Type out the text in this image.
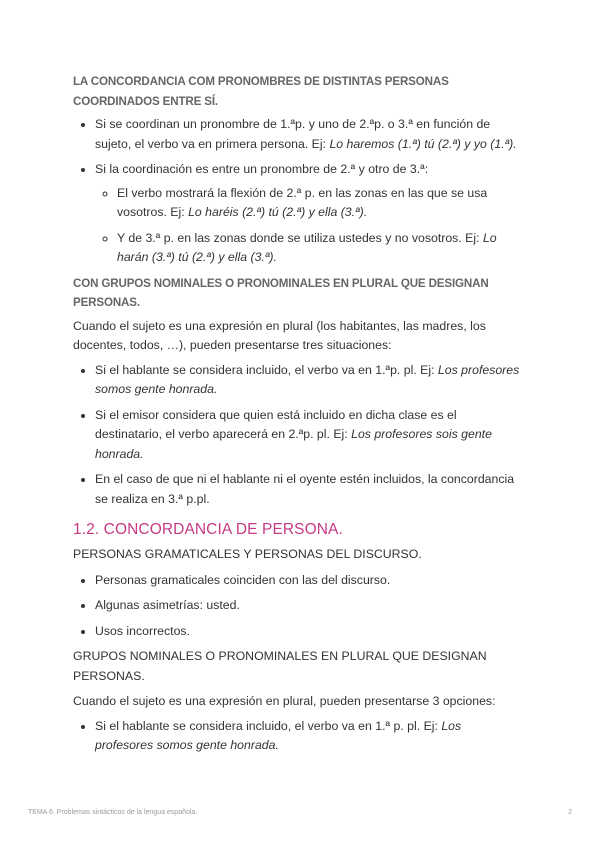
LA CONCORDANCIA COM PRONOMBRES DE DISTINTAS PERSONAS COORDINADOS ENTRE SÍ.
• Si se coordinan un pronombre de 1.ªp. y uno de 2.ªp. o 3.ª en función de sujeto, el verbo va en primera persona. Ej: Lo haremos (1.ª) tú (2.ª) y yo (1.ª).
• Si la coordinación es entre un pronombre de 2.ª y otro de 3.ª:
◦ El verbo mostrará la flexión de 2.ª p. en las zonas en las que se usa vosotros. Ej: Lo haréis (2.ª) tú (2.ª) y ella (3.ª).
◦ Y de 3.ª p. en las zonas donde se utiliza ustedes y no vosotros. Ej: Lo harán (3.ª) tú (2.ª) y ella (3.ª).
CON GRUPOS NOMINALES O PRONOMINALES EN PLURAL QUE DESIGNAN PERSONAS.

Cuando el sujeto es una expresión en plural (los habitantes, las madres, los docentes, todos, …), pueden presentarse tres situaciones:

• Si el hablante se considera incluido, el verbo va en 1.ªp. pl. Ej: Los profesores somos gente honrada.
• Si el emisor considera que quien está incluido en dicha clase es el destinatario, el verbo aparecerá en 2.ªp. pl. Ej: Los profesores sois gente honrada.
• En el caso de que ni el hablante ni el oyente estén incluidos, la concordancia se realiza en 3.ª p.pl.
1.2. CONCORDANCIA DE PERSONA.
PERSONAS GRAMATICALES Y PERSONAS DEL DISCURSO.
• Personas gramaticales coinciden con las del discurso.
• Algunas asimetrías: usted.
• Usos incorrectos.
GRUPOS NOMINALES O PRONOMINALES EN PLURAL QUE DESIGNAN PERSONAS.

Cuando el sujeto es una expresión en plural, pueden presentarse 3 opciones:

• Si el hablante se considera incluido, el verbo va en 1.ª p. pl. Ej: Los profesores somos gente honrada.
TEMA 6. Problemas sintácticos de la lengua española.	2
